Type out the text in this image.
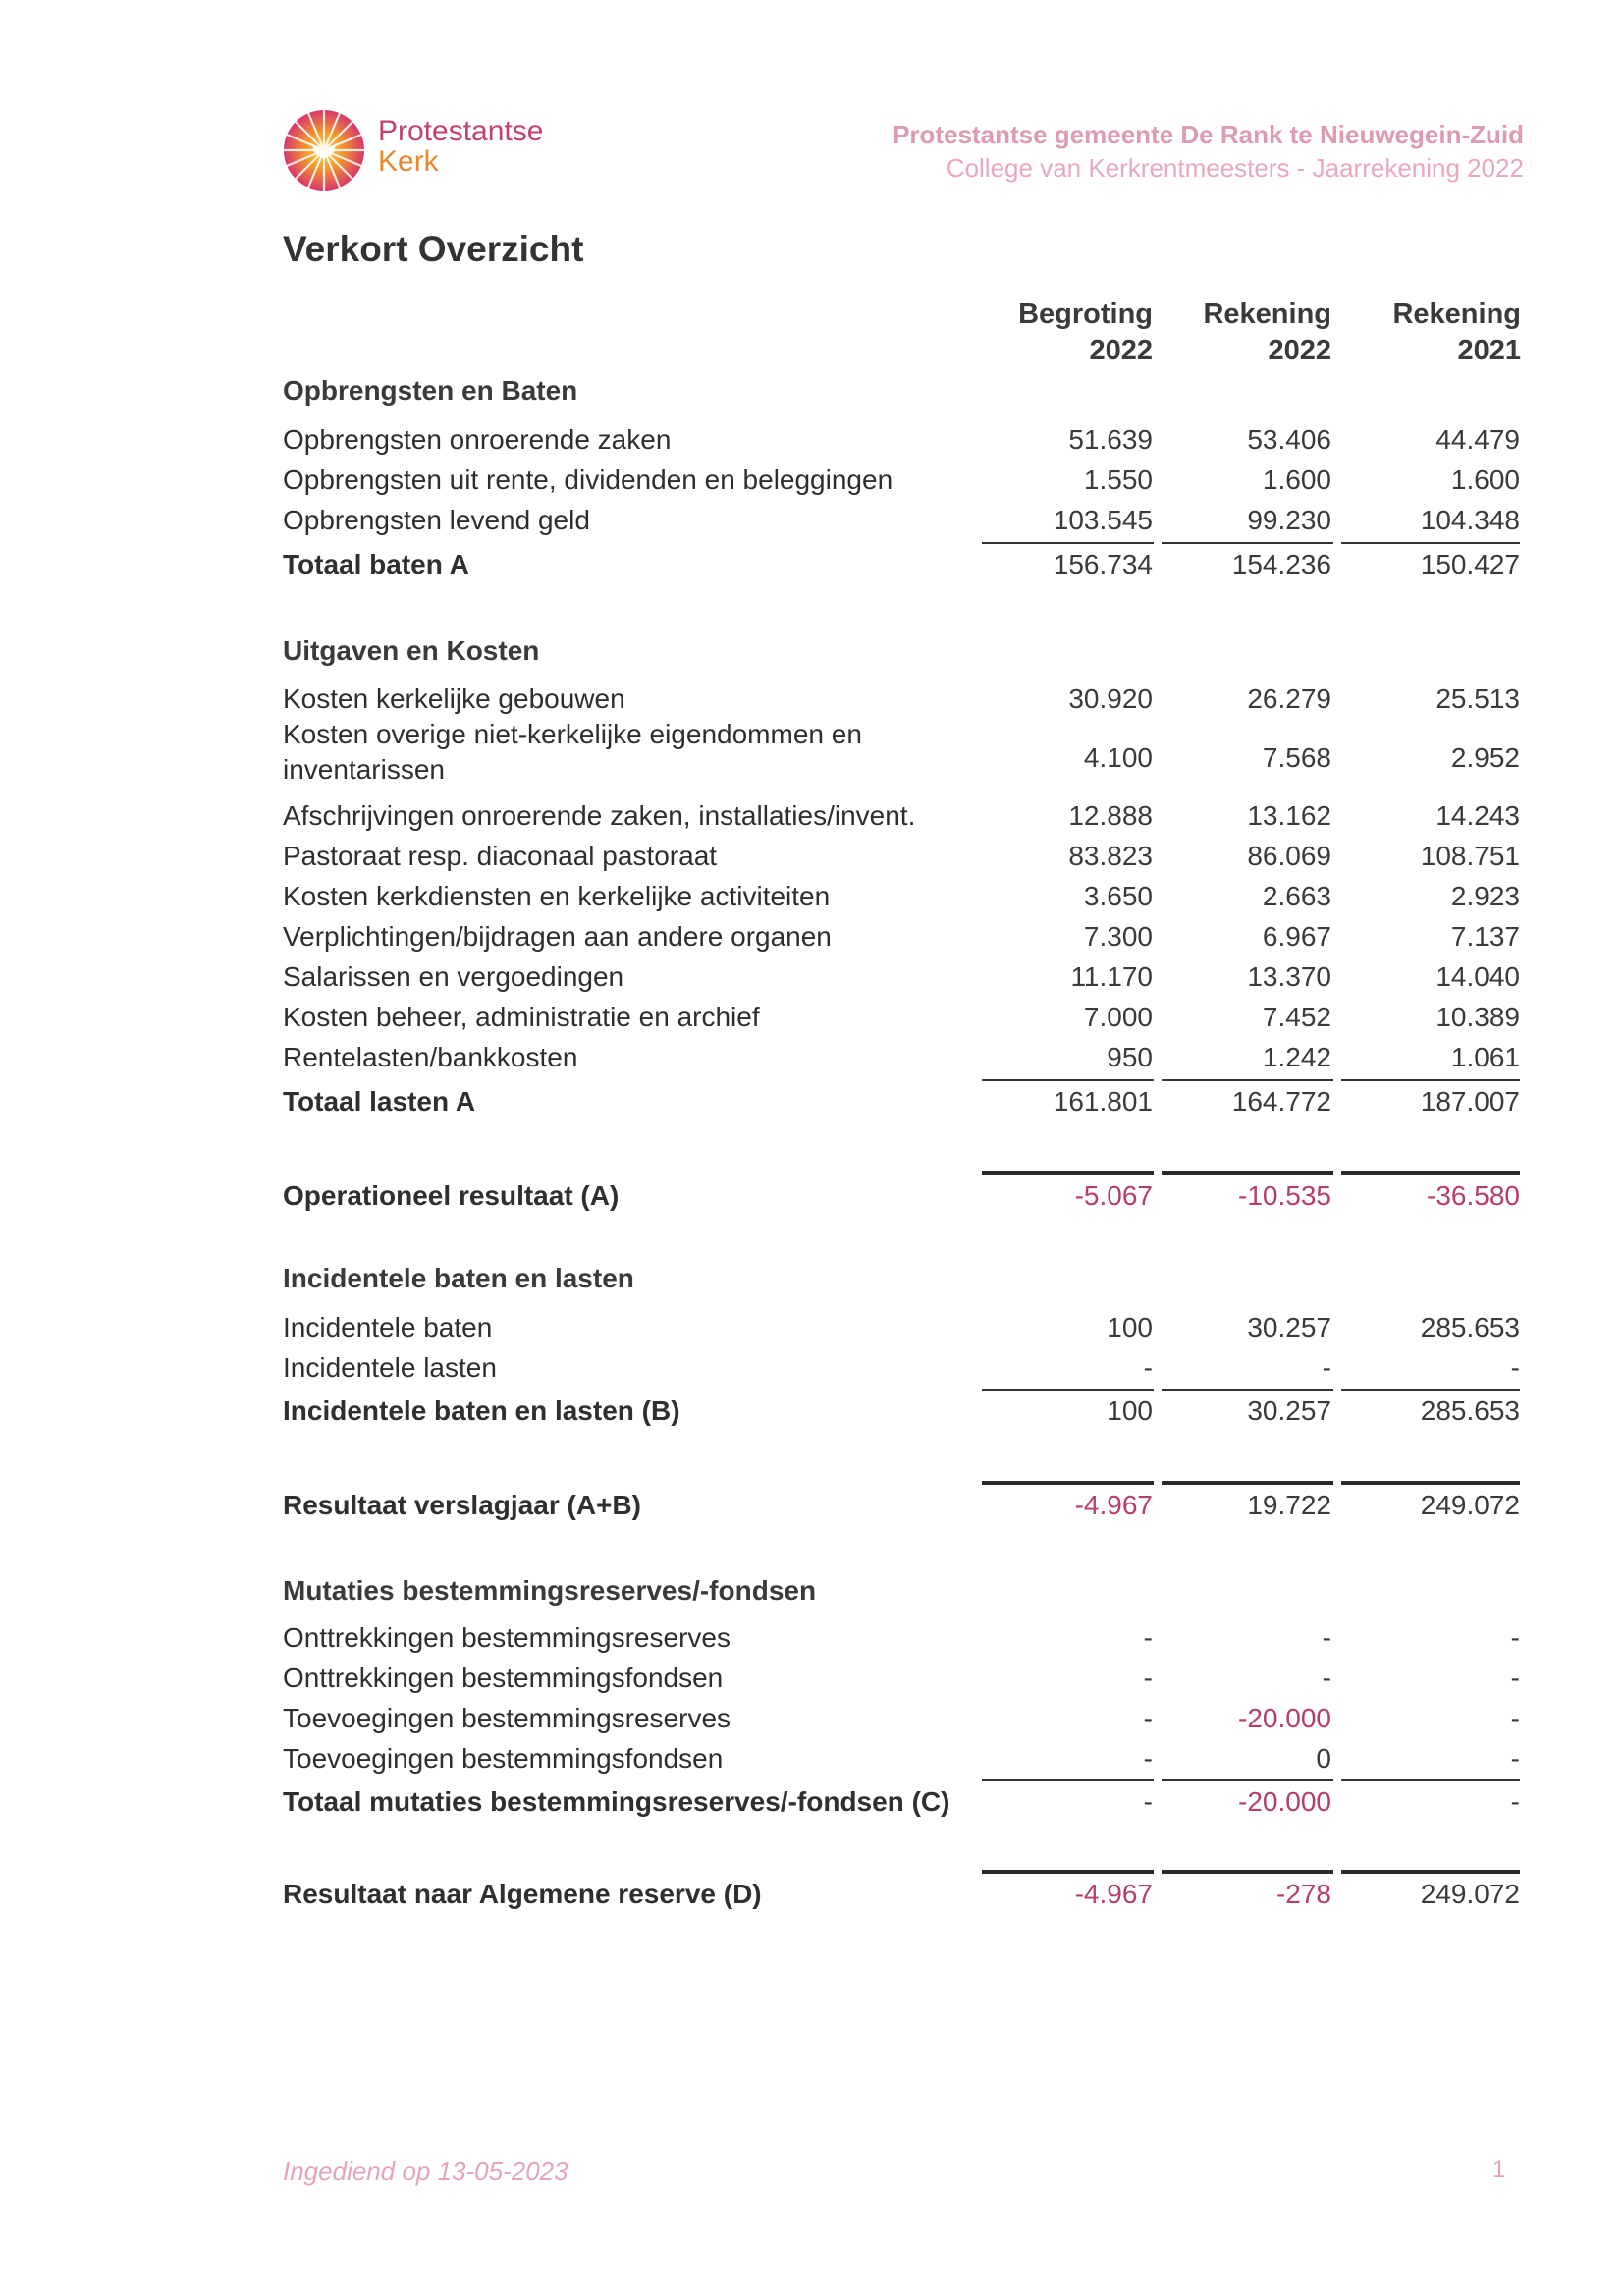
Protestantse
Kerk
Protestantse gemeente De Rank te Nieuwegein-Zuid
College van Kerkrentmeesters - Jaarrekening 2022
Verkort Overzicht
Begroting
2022
Rekening
2022
Rekening
2021
Opbrengsten en Baten
Opbrengsten onroerende zaken	51.639	53.406	44.479
Opbrengsten uit rente, dividenden en beleggingen	1.550	1.600	1.600
Opbrengsten levend geld	103.545	99.230	104.348
Totaal baten A	156.734	154.236	150.427
Uitgaven en Kosten
Kosten kerkelijke gebouwen	30.920	26.279	25.513
Kosten overige niet-kerkelijke eigendommen en inventarissen	4.100	7.568	2.952
Afschrijvingen onroerende zaken, installaties/invent.	12.888	13.162	14.243
Pastoraat resp. diaconaal pastoraat	83.823	86.069	108.751
Kosten kerkdiensten en kerkelijke activiteiten	3.650	2.663	2.923
Verplichtingen/bijdragen aan andere organen	7.300	6.967	7.137
Salarissen en vergoedingen	11.170	13.370	14.040
Kosten beheer, administratie en archief	7.000	7.452	10.389
Rentelasten/bankkosten	950	1.242	1.061
Totaal lasten A	161.801	164.772	187.007
Operationeel resultaat (A)	-5.067	-10.535	-36.580
Incidentele baten en lasten
Incidentele baten	100	30.257	285.653
Incidentele lasten	-	-	-
Incidentele baten en lasten (B)	100	30.257	285.653
Resultaat verslagjaar (A+B)	-4.967	19.722	249.072
Mutaties bestemmingsreserves/-fondsen
Onttrekkingen bestemmingsreserves	-	-	-
Onttrekkingen bestemmingsfondsen	-	-	-
Toevoegingen bestemmingsreserves	-	-20.000	-
Toevoegingen bestemmingsfondsen	-	0	-
Totaal mutaties bestemmingsreserves/-fondsen (C)	-	-20.000	-
Resultaat naar Algemene reserve (D)	-4.967	-278	249.072
Ingediend op 13-05-2023	1
